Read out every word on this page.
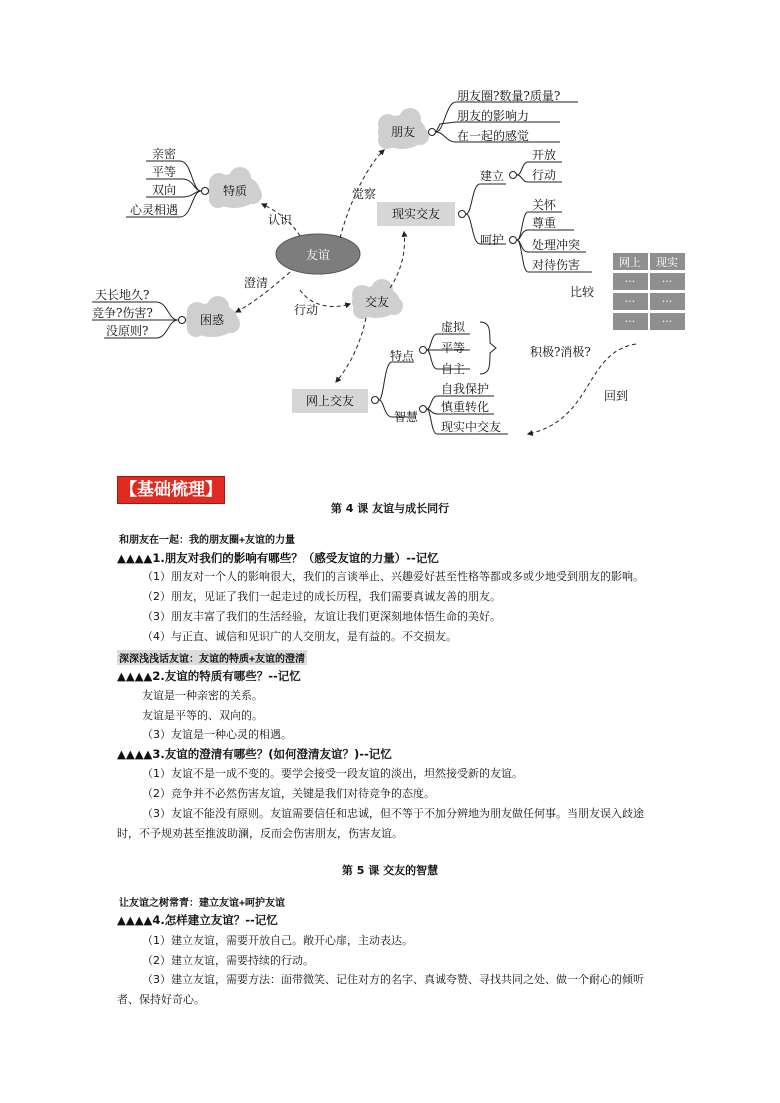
友谊
朋友
特质
困惑
交友
朋友圈?数量?质量?
朋友的影响力
在一起的感觉
亲密
平等
双向
心灵相遇
天长地久?
竞争?伤害?
没原则?
认识
觉察
澄清
行动
现实交友
建立
开放
行动
呵护
关怀
尊重
处理冲突
对待伤害	网上 现实
··· ···
··· ···
··· ···
比较
网上交友
特点
虚拟
平等
自主
智慧
自我保护
慎重转化
现实中交友
积极?消极?
回到
【基础梳理】
第 4 课 友谊与成长同行
和朋友在一起：我的朋友圈+友谊的力量
▲▲▲▲1.朋友对我们的影响有哪些？（感受友谊的力量）--记忆
（1）朋友对一个人的影响很大，我们的言谈举止、兴趣爱好甚至性格等都或多或少地受到朋友的影响。
（2）朋友，见证了我们一起走过的成长历程，我们需要真诚友善的朋友。
（3）朋友丰富了我们的生活经验，友谊让我们更深刻地体悟生命的美好。
（4）与正直、诚信和见识广的人交朋友，是有益的。不交损友。
深深浅浅话友谊：友谊的特质+友谊的澄清
▲▲▲▲2.友谊的特质有哪些？--记忆
友谊是一种亲密的关系。
友谊是平等的、双向的。
（3）友谊是一种心灵的相遇。
▲▲▲▲3.友谊的澄清有哪些？(如何澄清友谊？)--记忆
（1）友谊不是一成不变的。要学会接受一段友谊的淡出，坦然接受新的友谊。
（2）竞争并不必然伤害友谊，关键是我们对待竞争的态度。
（3）友谊不能没有原则。友谊需要信任和忠诚，但不等于不加分辨地为朋友做任何事。当朋友误入歧途时，不予规劝甚至推波助澜，反而会伤害朋友，伤害友谊。
第 5 课 交友的智慧
让友谊之树常青：建立友谊+呵护友谊
▲▲▲▲4.怎样建立友谊？--记忆
（1）建立友谊，需要开放自己。敞开心扉，主动表达。
（2）建立友谊，需要持续的行动。
（3）建立友谊，需要方法：面带微笑、记住对方的名字、真诚夸赞、寻找共同之处、做一个耐心的倾听者、保持好奇心。
